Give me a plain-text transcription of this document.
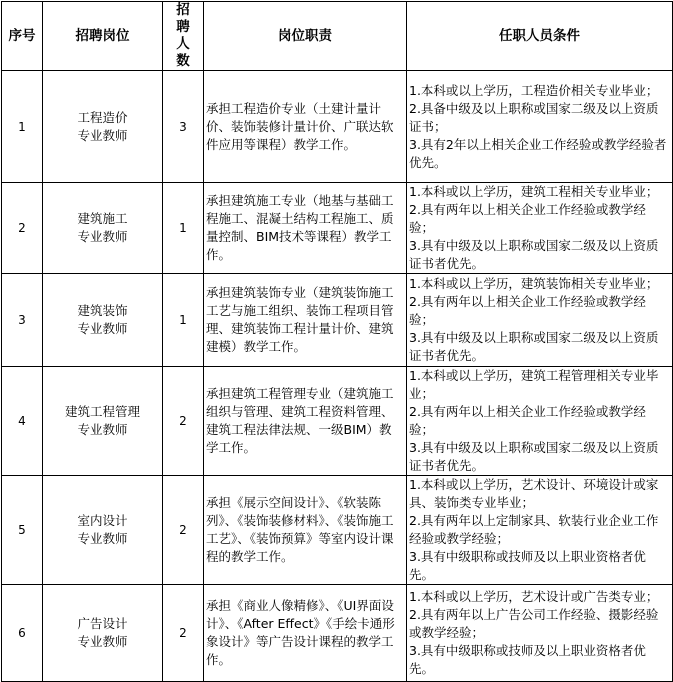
序号	招聘岗位	招聘人数	岗位职责	任职人员条件
1	工程造价专业教师	3	承担工程造价专业（土建计量计价、装饰装修计量计价、广联达软件应用等课程）教学工作。	1.本科或以上学历，工程造价相关专业毕业；
2.具备中级及以上职称或国家二级及以上资质证书；
3.具有2年以上相关企业工作经验或教学经验者优先。

2	建筑施工专业教师	1	承担建筑施工专业（地基与基础工程施工、混凝土结构工程施工、质量控制、BIM技术等课程）教学工作。	1.本科或以上学历，建筑工程相关专业毕业；
2.具有两年以上相关企业工作经验或教学经验；
3.具有中级及以上职称或国家二级及以上资质证书者优先。

3	建筑装饰专业教师	1	承担建筑装饰专业（建筑装饰施工工艺与施工组织、装饰工程项目管理、建筑装饰工程计量计价、建筑建模）教学工作。	1.本科或以上学历，建筑装饰相关专业毕业；
2.具有两年以上相关企业工作经验或教学经验；
3.具有中级及以上职称或国家二级及以上资质证书者优先。

4	建筑工程管理专业教师	2	承担建筑工程管理专业（建筑施工组织与管理、建筑工程资料管理、建筑工程法律法规、一级BIM）教学工作。	1.本科或以上学历，建筑工程管理相关专业毕业；
2.具有两年以上相关企业工作经验或教学经验；
3.具有中级及以上职称或国家二级及以上资质证书者优先。

5	室内设计专业教师	2	承担《展示空间设计》、《软装陈列》、《装饰装修材料》、《装饰施工工艺》、《装饰预算》等室内设计课程的教学工作。	1.本科或以上学历，艺术设计、环境设计或家具、装饰类专业毕业；
2.具有两年以上定制家具、软装行业企业工作经验或教学经验；
3.具有中级职称或技师及以上职业资格者优先。

6	广告设计专业教师	2	承担《商业人像精修》、《UI界面设计》、《After Effect》《手绘卡通形象设计》等广告设计课程的教学工作。	1.本科或以上学历，艺术设计或广告类专业；
2.具有两年以上广告公司工作经验、摄影经验或教学经验；
3.具有中级职称或技师及以上职业资格者优先。
